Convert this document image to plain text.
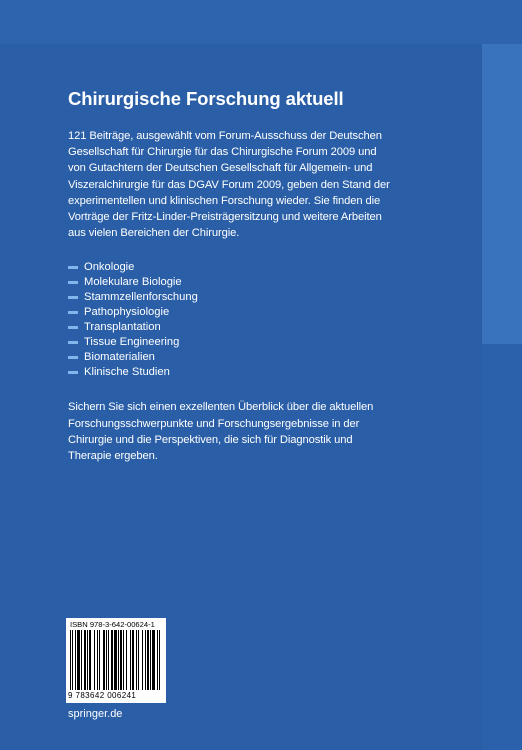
Chirurgische Forschung aktuell

121 Beiträge, ausgewählt vom Forum-Ausschuss der Deutschen
Gesellschaft für Chirurgie für das Chirurgische Forum 2009 und
von Gutachtern der Deutschen Gesellschaft für Allgemein- und
Viszeralchirurgie für das DGAV Forum 2009, geben den Stand der
experimentellen und klinischen Forschung wieder. Sie finden die
Vorträge der Fritz-Linder-Preisträgersitzung und weitere Arbeiten
aus vielen Bereichen der Chirurgie.

Onkologie
Molekulare Biologie
Stammzellenforschung
Pathophysiologie
Transplantation
Tissue Engineering
Biomaterialien
Klinische Studien

Sichern Sie sich einen exzellenten Überblick über die aktuellen
Forschungsschwerpunkte und Forschungsergebnisse in der
Chirurgie und die Perspektiven, die sich für Diagnostik und
Therapie ergeben.

ISBN 978-3-642-00624-1
9 783642 006241
springer.de
